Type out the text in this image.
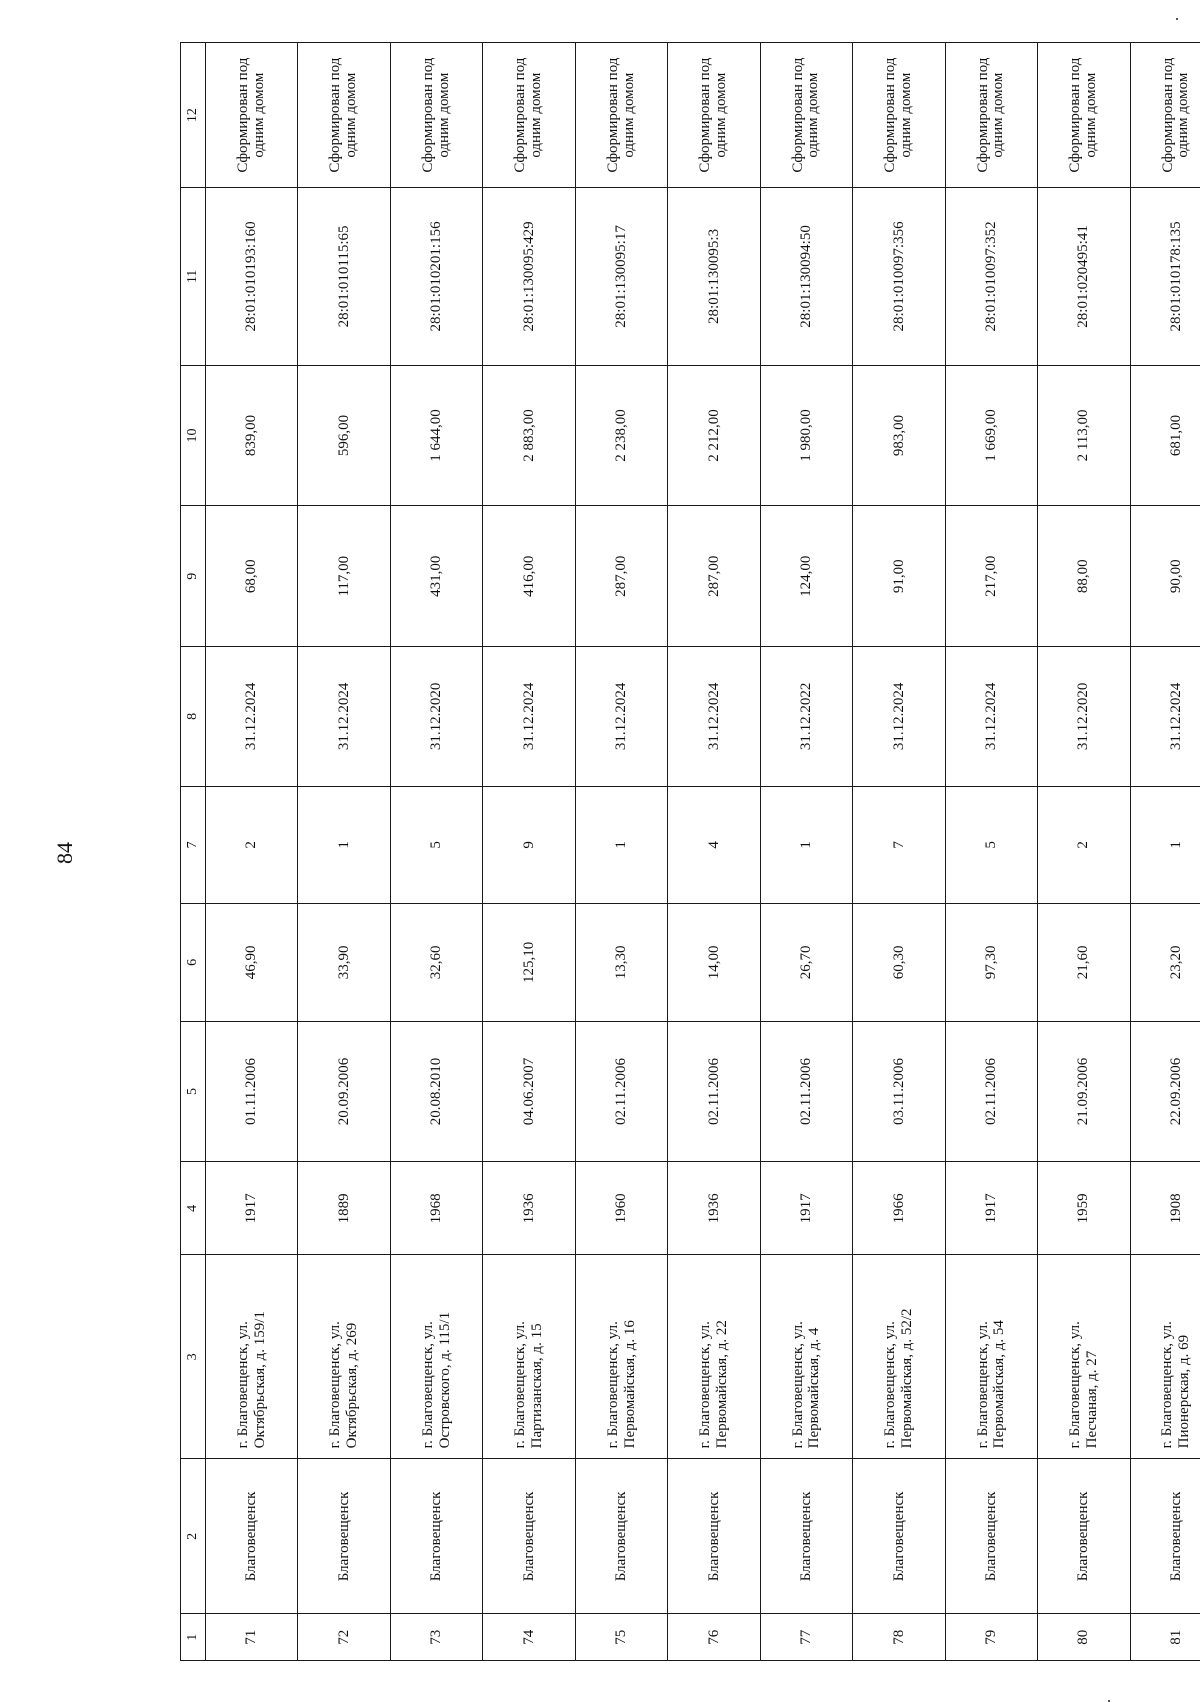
84
1	2	3	4	5	6	7	8	9	10	11	12
71	Благовещенск	г. Благовещенск, ул. Октябрьская, д. 159/1	1917	01.11.2006	46,90	2	31.12.2024	68,00	839,00	28:01:010193:160	Сформирован под одним домом
72	Благовещенск	г. Благовещенск, ул. Октябрьская, д. 269	1889	20.09.2006	33,90	1	31.12.2024	117,00	596,00	28:01:010115:65	Сформирован под одним домом
73	Благовещенск	г. Благовещенск, ул. Островского, д. 115/1	1968	20.08.2010	32,60	5	31.12.2020	431,00	1 644,00	28:01:010201:156	Сформирован под одним домом
74	Благовещенск	г. Благовещенск, ул. Партизанская, д. 15	1936	04.06.2007	125,10	9	31.12.2024	416,00	2 883,00	28:01:130095:429	Сформирован под одним домом
75	Благовещенск	г. Благовещенск, ул. Первомайская, д. 16	1960	02.11.2006	13,30	1	31.12.2024	287,00	2 238,00	28:01:130095:17	Сформирован под одним домом
76	Благовещенск	г. Благовещенск, ул. Первомайская, д. 22	1936	02.11.2006	14,00	4	31.12.2024	287,00	2 212,00	28:01:130095:3	Сформирован под одним домом
77	Благовещенск	г. Благовещенск, ул. Первомайская, д. 4	1917	02.11.2006	26,70	1	31.12.2022	124,00	1 980,00	28:01:130094:50	Сформирован под одним домом
78	Благовещенск	г. Благовещенск, ул. Первомайская, д. 52/2	1966	03.11.2006	60,30	7	31.12.2024	91,00	983,00	28:01:010097:356	Сформирован под одним домом
79	Благовещенск	г. Благовещенск, ул. Первомайская, д. 54	1917	02.11.2006	97,30	5	31.12.2024	217,00	1 669,00	28:01:010097:352	Сформирован под одним домом
80	Благовещенск	г. Благовещенск, ул. Песчаная, д. 27	1959	21.09.2006	21,60	2	31.12.2020	88,00	2 113,00	28:01:020495:41	Сформирован под одним домом
81	Благовещенск	г. Благовещенск, ул. Пионерская, д. 69	1908	22.09.2006	23,20	1	31.12.2024	90,00	681,00	28:01:010178:135	Сформирован под одним домом
